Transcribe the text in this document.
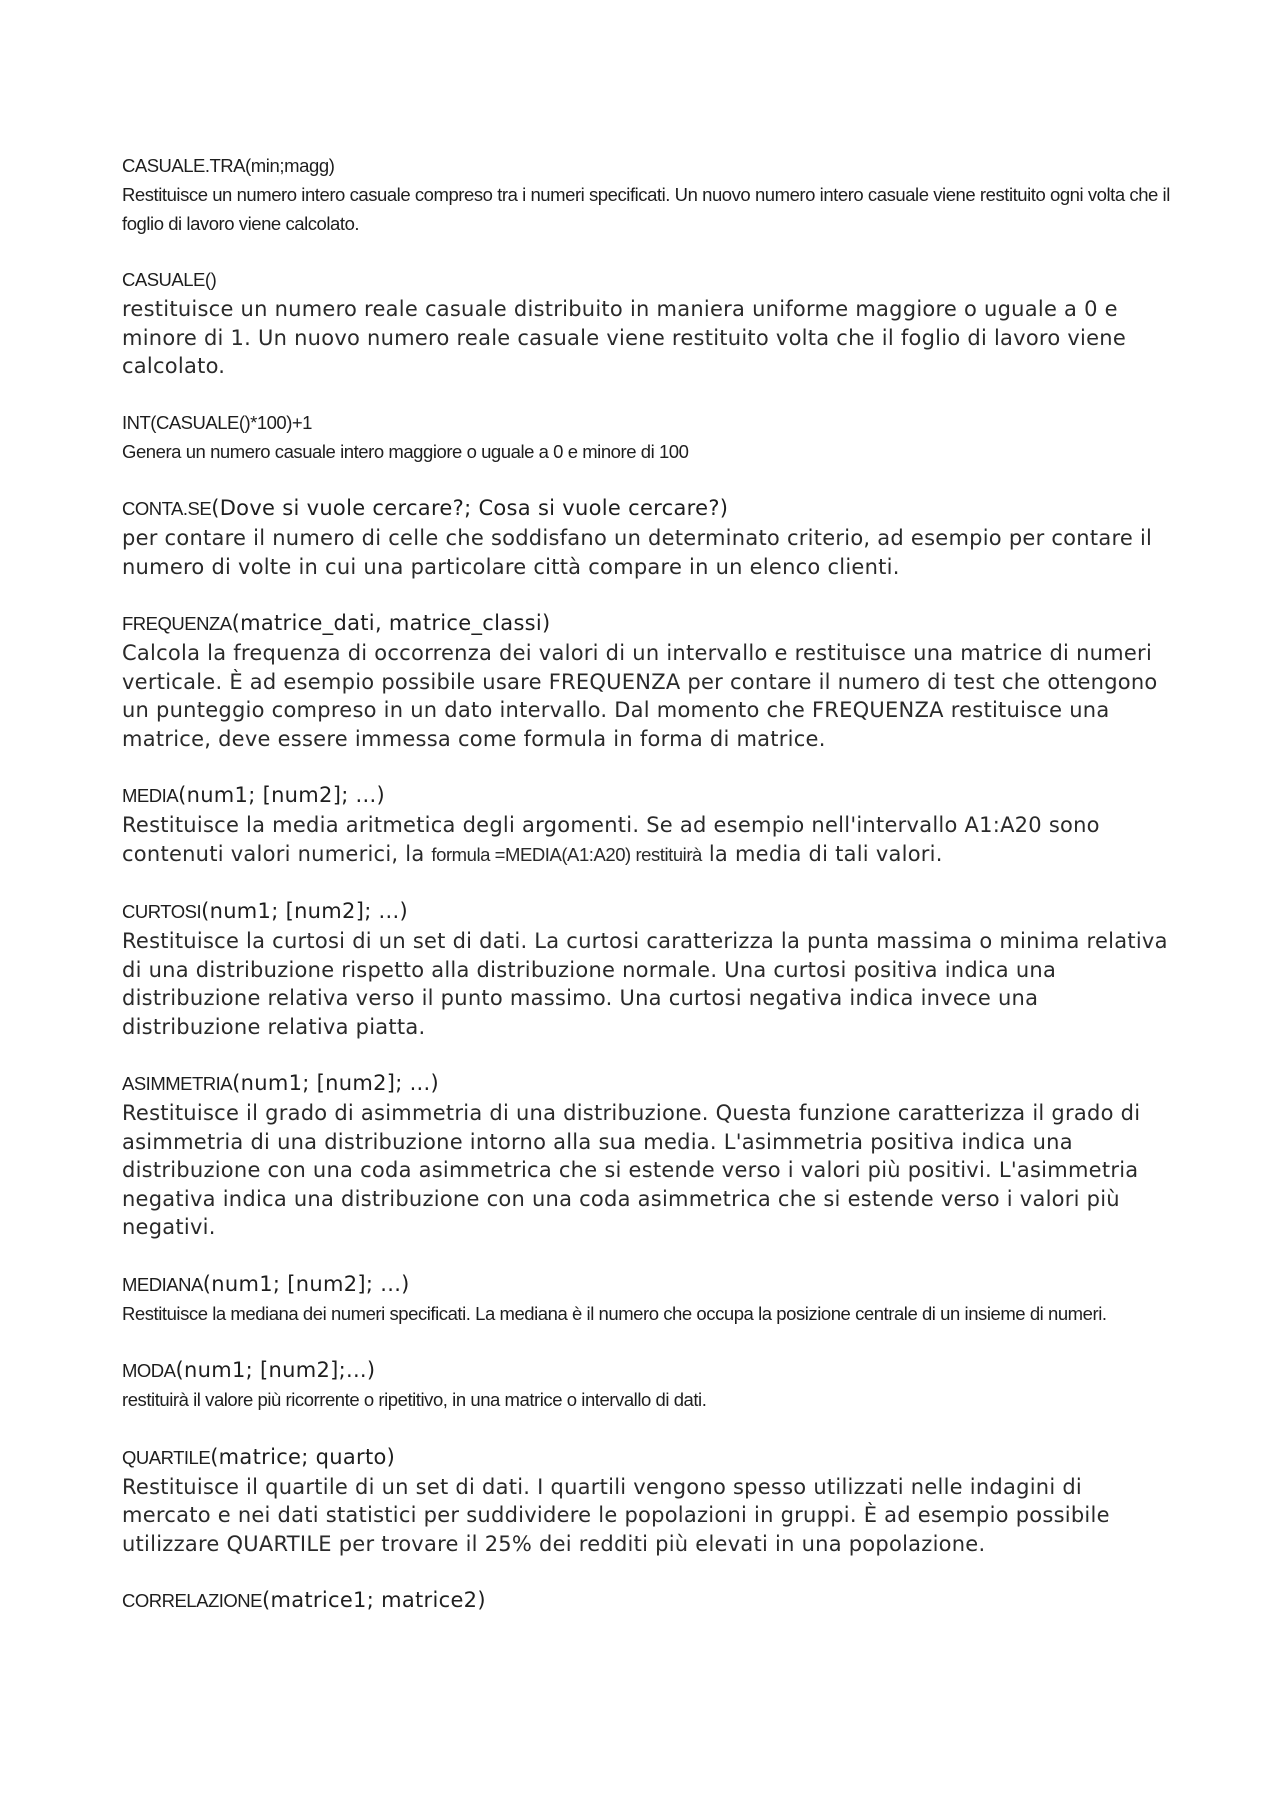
CASUALE.TRA(min;magg)
Restituisce un numero intero casuale compreso tra i numeri specificati. Un nuovo numero intero casuale viene restituito ogni volta che il foglio di lavoro viene calcolato.
CASUALE()
restituisce un numero reale casuale distribuito in maniera uniforme maggiore o uguale a 0 e minore di 1. Un nuovo numero reale casuale viene restituito volta che il foglio di lavoro viene calcolato.
INT(CASUALE()*100)+1
Genera un numero casuale intero maggiore o uguale a 0 e minore di 100
CONTA.SE(Dove si vuole cercare?; Cosa si vuole cercare?)
per contare il numero di celle che soddisfano un determinato criterio, ad esempio per contare il numero di volte in cui una particolare città compare in un elenco clienti.
FREQUENZA(matrice_dati, matrice_classi)
Calcola la frequenza di occorrenza dei valori di un intervallo e restituisce una matrice di numeri verticale. È ad esempio possibile usare FREQUENZA per contare il numero di test che ottengono un punteggio compreso in un dato intervallo. Dal momento che FREQUENZA restituisce una matrice, deve essere immessa come formula in forma di matrice.
MEDIA(num1; [num2]; ...)
Restituisce la media aritmetica degli argomenti. Se ad esempio nell'intervallo A1:A20 sono contenuti valori numerici, la formula =MEDIA(A1:A20) restituirà la media di tali valori.
CURTOSI(num1; [num2]; ...)
Restituisce la curtosi di un set di dati. La curtosi caratterizza la punta massima o minima relativa di una distribuzione rispetto alla distribuzione normale. Una curtosi positiva indica una distribuzione relativa verso il punto massimo. Una curtosi negativa indica invece una distribuzione relativa piatta.
ASIMMETRIA(num1; [num2]; ...)
Restituisce il grado di asimmetria di una distribuzione. Questa funzione caratterizza il grado di asimmetria di una distribuzione intorno alla sua media. L'asimmetria positiva indica una distribuzione con una coda asimmetrica che si estende verso i valori più positivi. L'asimmetria negativa indica una distribuzione con una coda asimmetrica che si estende verso i valori più negativi.
MEDIANA(num1; [num2]; ...)
Restituisce la mediana dei numeri specificati. La mediana è il numero che occupa la posizione centrale di un insieme di numeri.
MODA(num1; [num2];...)
restituirà il valore più ricorrente o ripetitivo, in una matrice o intervallo di dati.
QUARTILE(matrice; quarto)
Restituisce il quartile di un set di dati. I quartili vengono spesso utilizzati nelle indagini di mercato e nei dati statistici per suddividere le popolazioni in gruppi. È ad esempio possibile utilizzare QUARTILE per trovare il 25% dei redditi più elevati in una popolazione.
CORRELAZIONE(matrice1; matrice2)
